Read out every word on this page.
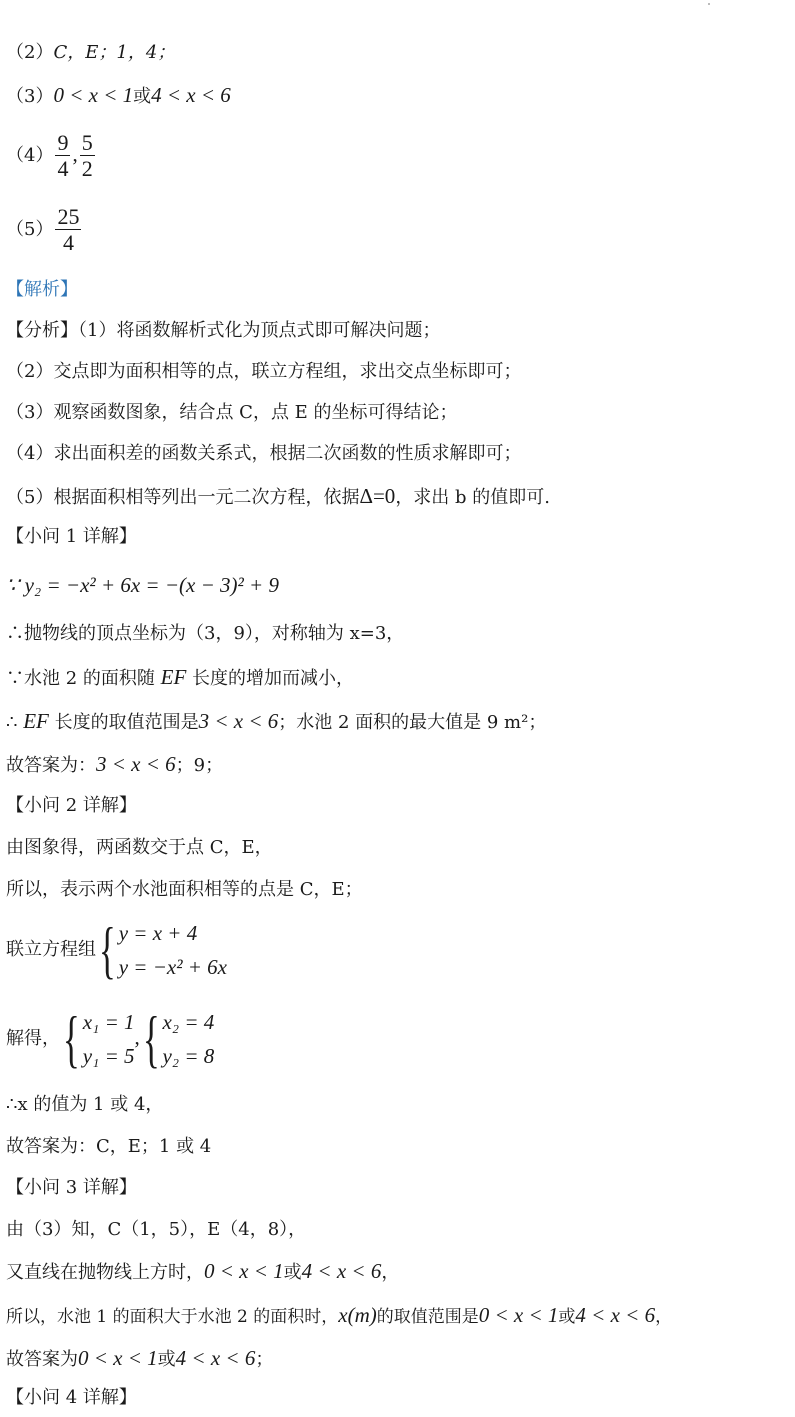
（2）C，E；1，4；
（3）0 < x < 1或4 < x < 6
$(4) \frac{9}{4}$ , $\frac{5}{2}$
$(5) \frac{25}{4}$
【解析】
【分析】（1）将函数解析式化为顶点式即可解决问题；
（2）交点即为面积相等的点，联立方程组，求出交点坐标即可；
（3）观察函数图象，结合点 C，点 E 的坐标可得结论；
（4）求出面积差的函数关系式，根据二次函数的性质求解即可；
（5）根据面积相等列出一元二次方程，依据Δ=0，求出 b 的值即可.
【小问 1 详解】
∵ y₂ = −x² + 6x = −(x − 3)² + 9
∴抛物线的顶点坐标为（3，9），对称轴为 x=3，
∵水池 2 的面积随 EF 长度的增加而减小，
∴ EF 长度的取值范围是3 < x < 6；水池 2 面积的最大值是 9 m²；
故答案为：3 < x < 6；9；
【小问 2 详解】
由图象得，两函数交于点 C，E，
所以，表示两个水池面积相等的点是 C，E；
联立方程组 { y = x + 4
y = −x² + 6x
解得， { x₁ = 1
y₁ = 5
, { x₂ = 4
y₂ = 8
∴x 的值为 1 或 4，
故答案为：C，E；1 或 4
【小问 3 详解】
由（3）知，C（1，5），E（4，8），
又直线在抛物线上方时，0 < x < 1或4 < x < 6，
所以，水池 1 的面积大于水池 2 的面积时，x(m)的取值范围是0 < x < 1或4 < x < 6，
故答案为0 < x < 1或4 < x < 6；
【小问 4 详解】
